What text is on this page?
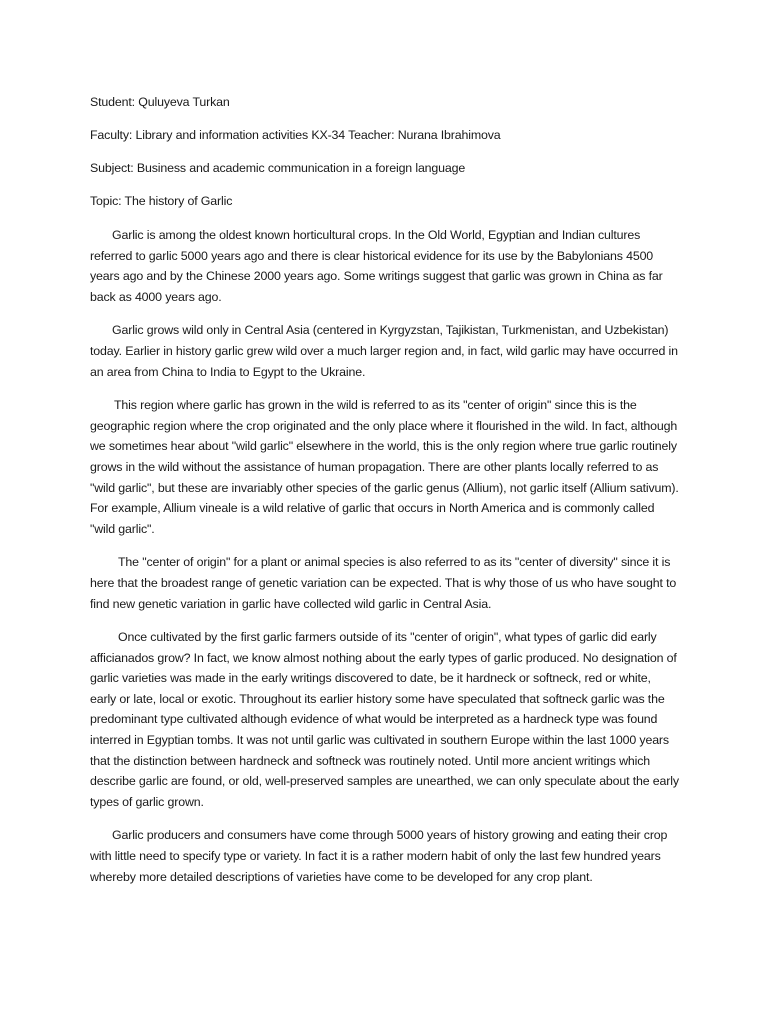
Student: Quluyeva Turkan

Faculty: Library and information activities KX-34 Teacher: Nurana Ibrahimova

Subject: Business and academic communication in a foreign language

Topic: The history of Garlic

Garlic is among the oldest known horticultural crops. In the Old World, Egyptian and Indian cultures referred to garlic 5000 years ago and there is clear historical evidence for its use by the Babylonians 4500 years ago and by the Chinese 2000 years ago. Some writings suggest that garlic was grown in China as far back as 4000 years ago.

Garlic grows wild only in Central Asia (centered in Kyrgyzstan, Tajikistan, Turkmenistan, and Uzbekistan) today. Earlier in history garlic grew wild over a much larger region and, in fact, wild garlic may have occurred in an area from China to India to Egypt to the Ukraine.

This region where garlic has grown in the wild is referred to as its "center of origin" since this is the geographic region where the crop originated and the only place where it flourished in the wild. In fact, although we sometimes hear about "wild garlic" elsewhere in the world, this is the only region where true garlic routinely grows in the wild without the assistance of human propagation. There are other plants locally referred to as "wild garlic", but these are invariably other species of the garlic genus (Allium), not garlic itself (Allium sativum). For example, Allium vineale is a wild relative of garlic that occurs in North America and is commonly called "wild garlic".

The "center of origin" for a plant or animal species is also referred to as its "center of diversity" since it is here that the broadest range of genetic variation can be expected. That is why those of us who have sought to find new genetic variation in garlic have collected wild garlic in Central Asia.

Once cultivated by the first garlic farmers outside of its "center of origin", what types of garlic did early afficianados grow? In fact, we know almost nothing about the early types of garlic produced. No designation of garlic varieties was made in the early writings discovered to date, be it hardneck or softneck, red or white, early or late, local or exotic. Throughout its earlier history some have speculated that softneck garlic was the predominant type cultivated although evidence of what would be interpreted as a hardneck type was found interred in Egyptian tombs. It was not until garlic was cultivated in southern Europe within the last 1000 years that the distinction between hardneck and softneck was routinely noted. Until more ancient writings which describe garlic are found, or old, well-preserved samples are unearthed, we can only speculate about the early types of garlic grown.

Garlic producers and consumers have come through 5000 years of history growing and eating their crop with little need to specify type or variety. In fact it is a rather modern habit of only the last few hundred years whereby more detailed descriptions of varieties have come to be developed for any crop plant.
